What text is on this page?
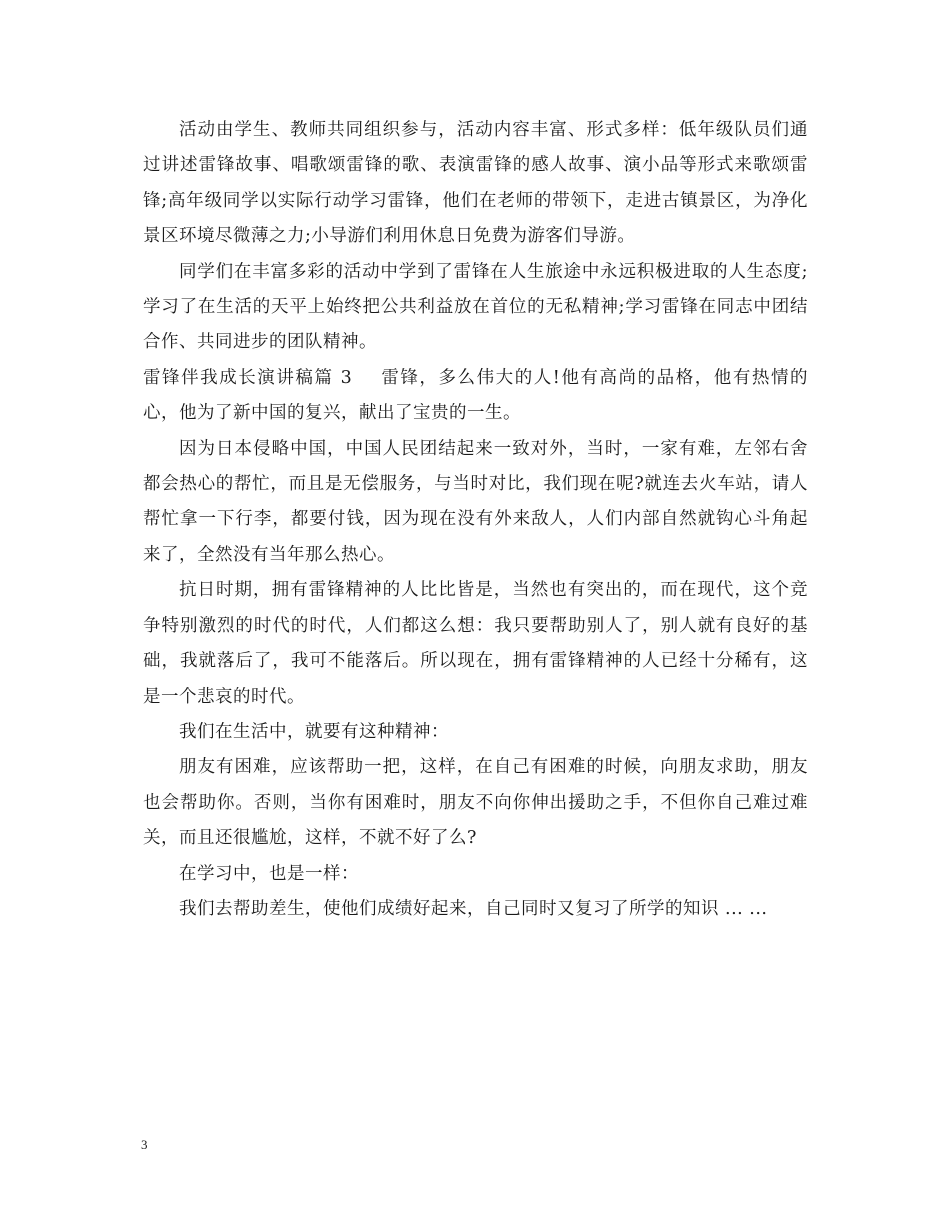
活动由学生、教师共同组织参与，活动内容丰富、形式多样：低年级队员们通过讲述雷锋故事、唱歌颂雷锋的歌、表演雷锋的感人故事、演小品等形式来歌颂雷锋;高年级同学以实际行动学习雷锋，他们在老师的带领下，走进古镇景区，为净化景区环境尽微薄之力;小导游们利用休息日免费为游客们导游。

同学们在丰富多彩的活动中学到了雷锋在人生旅途中永远积极进取的人生态度;学习了在生活的天平上始终把公共利益放在首位的无私精神;学习雷锋在同志中团结合作、共同进步的团队精神。

雷锋伴我成长演讲稿篇 3 雷锋，多么伟大的人!他有高尚的品格，他有热情的心，他为了新中国的复兴，献出了宝贵的一生。

因为日本侵略中国，中国人民团结起来一致对外，当时，一家有难，左邻右舍都会热心的帮忙，而且是无偿服务，与当时对比，我们现在呢?就连去火车站，请人帮忙拿一下行李，都要付钱，因为现在没有外来敌人，人们内部自然就钩心斗角起来了，全然没有当年那么热心。

抗日时期，拥有雷锋精神的人比比皆是，当然也有突出的，而在现代，这个竞争特别激烈的时代的时代，人们都这么想：我只要帮助别人了，别人就有良好的基础，我就落后了，我可不能落后。所以现在，拥有雷锋精神的人已经十分稀有，这是一个悲哀的时代。

我们在生活中，就要有这种精神：

朋友有困难，应该帮助一把，这样，在自己有困难的时候，向朋友求助，朋友也会帮助你。否则，当你有困难时，朋友不向你伸出援助之手，不但你自己难过难关，而且还很尴尬，这样，不就不好了么?

在学习中，也是一样：

我们去帮助差生，使他们成绩好起来，自己同时又复习了所学的知识 ... ...

3
